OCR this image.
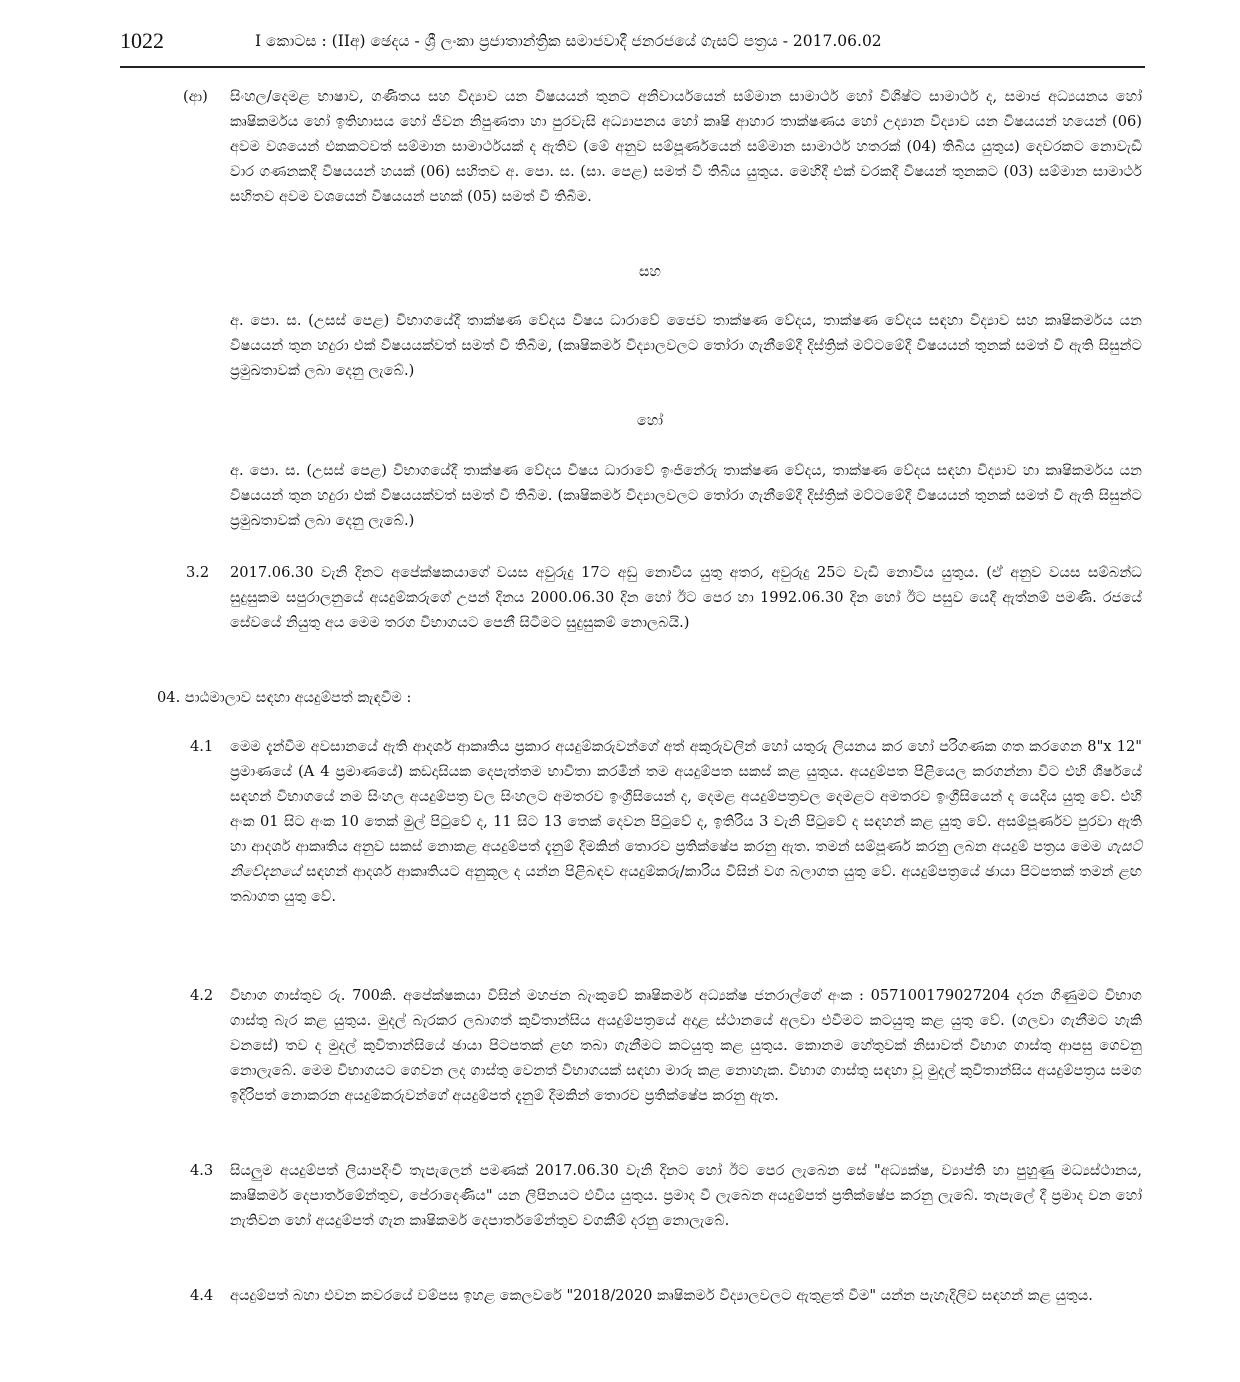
1022	I කොටස : (IIඅ) ඡෙදය - ශ්‍රී ලංකා ප්‍රජාතාන්ත්‍රික සමාජවාදී ජනරජයේ ගැසට් පත්‍රය - 2017.06.02
(ආ) සිංහල/දෙමළ භාෂාව, ගණිතය සහ විද්‍යාව යන විෂයයන් තුනට අනිවාර්යයෙන් සම්මාන සාමාර්ථ හෝ විශිෂ්ට සාමාර්ථ ද, සමාජ අධ්‍යයනය හෝ කෘෂිකර්මය හෝ ඉතිහාසය හෝ ජීවන නිපුණතා හා පුරවැසි අධ්‍යාපනය හෝ කෘෂි ආහාර තාක්ෂණය හෝ උද්‍යාන විද්‍යාව යන විෂයයන් හයෙන් (06) අවම වශයෙන් එකකටවත් සම්මාන සාමාර්ථයක් ද ඇතිව (මේ අනුව සම්පූර්ණයෙන් සම්මාන සාමාර්ථ හතරක් (04) තිබිය යුතුය) දෙවරකට නොවැඩි වාර ගණනකදී විෂයයන් හයක් (06) සහිතව අ. පො. ස. (සා. පෙළ) සමත් වී තිබිය යුතුය. මෙහිදී එක් වරකදී විෂයන් තුනකට (03) සම්මාන සාමාර්ථ සහිතව අවම වශයෙන් විෂයයන් පහක් (05) සමත් වී තිබීම.
සහ
අ. පො. ස. (උසස් පෙළ) විභාගයේදී තාක්ෂණ වේදය විෂය ධාරාවේ ජෛව තාක්ෂණ වේදය, තාක්ෂණ වේදය සඳහා විද්‍යාව සහ කෘෂිකර්මය යන විෂයයන් තුන හදුරා එක් විෂයයක්වත් සමත් වී තිබීම, (කෘෂිකර්ම විද්‍යාලවලට තෝරා ගැනීමේදී දිස්ත්‍රික් මට්ටමේදී විෂයයන් තුනක් සමත් වී ඇති සිසුන්ට ප්‍රමුඛතාවක් ලබා දෙනු ලැබේ.)
හෝ
අ. පො. ස. (උසස් පෙළ) විභාගයේදී තාක්ෂණ වේදය විෂය ධාරාවේ ඉංජිනේරු තාක්ෂණ වේදය, තාක්ෂණ වේදය සඳහා විද්‍යාව හා කෘෂිකර්මය යන විෂයයන් තුන හදුරා එක් විෂයයක්වත් සමත් වී තිබීම. (කෘෂිකර්ම විද්‍යාලවලට තෝරා ගැනීමේදී දිස්ත්‍රික් මට්ටමේදී විෂයයන් තුනක් සමත් වී ඇති සිසුන්ට ප්‍රමුඛතාවක් ලබා දෙනු ලැබේ.)
3.2 2017.06.30 වැනි දිනට අපේක්ෂකයාගේ වයස අවුරුදු 17ට අඩු නොවිය යුතු අතර, අවුරුදු 25ට වැඩි නොවිය යුතුය. (ඒ අනුව වයස සම්බන්ධ සුදුසුකම සපුරාලනුයේ අයදුම්කරුගේ උපන් දිනය 2000.06.30 දින හෝ ඊට පෙර හා 1992.06.30 දින හෝ ඊට පසුව යෙදී ඇත්නම් පමණි. රජයේ සේවයේ නියුතු අය මෙම තරග විභාගයට පෙනී සිටීමට සුදුසුකම් නොලබයි.)
04. පාඨමාලාව සඳහා අයදුම්පත් කැඳවීම :
4.1 මෙම දැන්වීම අවසානයේ ඇති ආදර්ශ ආකෘතිය ප්‍රකාර අයදුම්කරුවන්ගේ අත් අකුරුවලින් හෝ යතුරු ලියනය කර හෝ පරිගණක ගත කරගෙන 8"x 12" ප්‍රමාණයේ (A 4 ප්‍රමාණයේ) කඩදාසියක දෙපැත්තම භාවිතා කරමින් තම අයදුම්පත සකස් කළ යුතුය. අයදුම්පත පිළියෙල කරගන්නා විට එහි ශීර්ෂයේ සඳහන් විභාගයේ නම සිංහල අයදුම්පත්‍ර වල සිංහලට අමතරව ඉංග්‍රීසියෙන් ද, දෙමළ අයදුම්පත්‍රවල දෙමළට අමතරව ඉංග්‍රීසියෙන් ද යෙදිය යුතු වේ. එහි අංක 01 සිට අංක 10 තෙක් මුල් පිටුවේ ද, 11 සිට 13 තෙක් දෙවන පිටුවේ ද, ඉතිරිය 3 වැනි පිටුවේ ද සඳහන් කළ යුතු වේ. අසම්පූර්ණව පුරවා ඇති හා ආදර්ශ ආකෘතිය අනුව සකස් නොකළ අයදුම්පත් දැනුම් දීමකින් තොරව ප්‍රතික්ෂේප කරනු ඇත. තමන් සම්පූර්ණ කරනු ලබන අයදුම් පත්‍රය මෙම ගැසට් නිවේදනයේ සඳහන් ආදර්ශ ආකෘතියට අනුකූල ද යන්න පිළිබඳව අයදුම්කරු/කාරිය විසින් වග බලාගත යුතු වේ. අයදුම්පත්‍රයේ ඡායා පිටපතක් තමන් ළඟ තබාගත යුතු වේ.
4.2 විභාග ගාස්තුව රු. 700කි. අපේක්ෂකයා විසින් මහජන බැංකුවේ කෘෂිකර්ම අධ්‍යක්ෂ ජනරාල්ගේ අංක : 057100179027204 දරන ගිණුමට විභාග ගාස්තු බැර කළ යුතුය. මුදල් බැරකර ලබාගත් කුවිතාන්සිය අයදුම්පත්‍රයේ අදාළ ස්ථානයේ අලවා එවීමට කටයුතු කළ යුතු වේ. (ගලවා ගැනීමට හැකි වනසේ) තව ද මුදල් කුවිතාන්සියේ ඡායා පිටපතක් ළඟ තබා ගැනීමට කටයුතු කළ යුතුය. කොනම හේතුවක් නිසාවත් විභාග ගාස්තු ආපසු ගෙවනු නොලැබේ. මෙම විභාගයට ගෙවන ලද ගාස්තු වෙනත් විභාගයක් සඳහා මාරු කළ නොහැක. විභාග ගාස්තු සඳහා වූ මුදල් කුවිතාන්සිය අයදුම්පත්‍රය සමග ඉදිරිපත් නොකරන අයදුම්කරුවන්ගේ අයදුම්පත් දැනුම් දීමකින් තොරව ප්‍රතික්ෂේප කරනු ඇත.
4.3 සියලුම අයදුම්පත් ලියාපදිංචි තැපැලෙන් පමණක් 2017.06.30 වැනි දිනට හෝ ඊට පෙර ලැබෙන සේ "අධ්‍යක්ෂ, ව්‍යාප්ති හා පුහුණු මධ්‍යස්ථානය, කෘෂිකර්ම දෙපාර්තමේන්තුව, පේරාදෙණිය" යන ලිපිනයට එවිය යුතුය. ප්‍රමාද වී ලැබෙන අයදුම්පත් ප්‍රතික්ෂේප කරනු ලැබේ. තැපැලේ දී ප්‍රමාද වන හෝ නැතිවන හෝ අයදුම්පත් ගැන කෘෂිකර්ම දෙපාර්තමේන්තුව වගකීම් දරනු නොලැබේ.
4.4 අයදුම්පත් බහා එවන කවරයේ වම්පස ඉහළ කෙලවරේ "2018/2020 කෘෂිකර්ම විද්‍යාලවලට ඇතුළත් වීම" යන්න පැහැදිලිව සඳහන් කළ යුතුය.
